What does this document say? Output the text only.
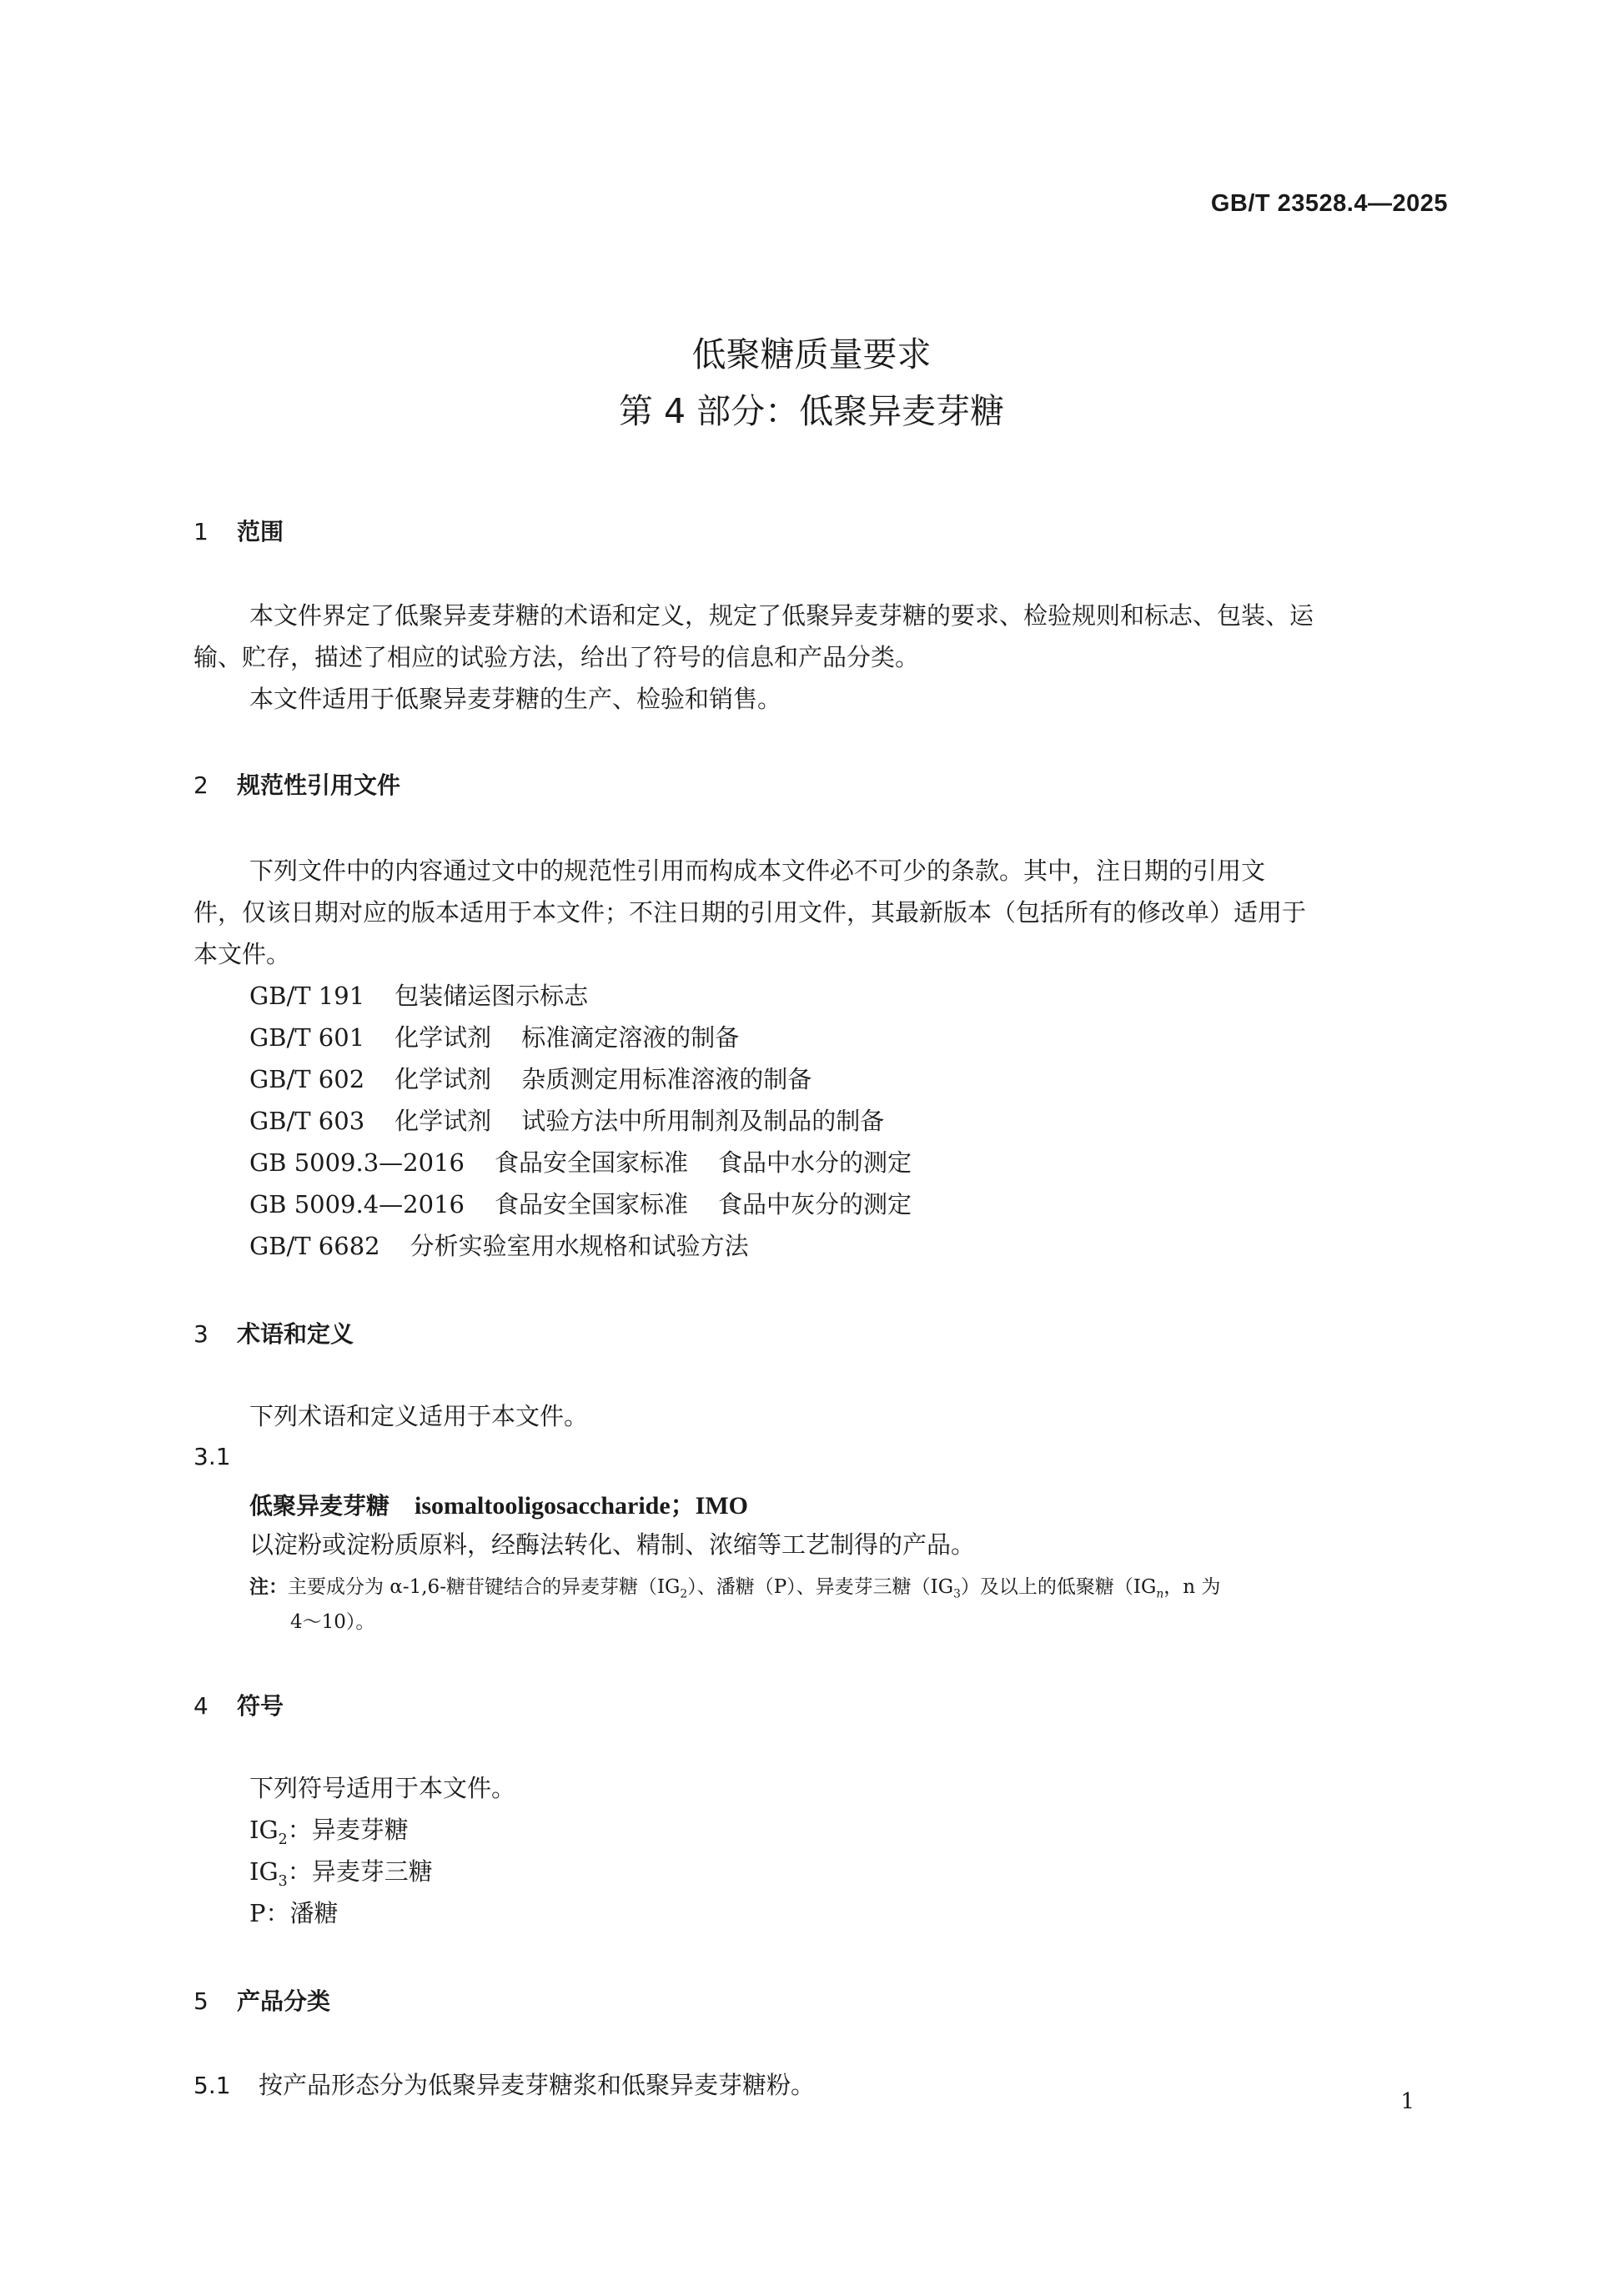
GB/T 23528.4—2025
低聚糖质量要求
第 4 部分：低聚异麦芽糖
1 范围
本文件界定了低聚异麦芽糖的术语和定义，规定了低聚异麦芽糖的要求、检验规则和标志、包装、运
输、贮存，描述了相应的试验方法，给出了符号的信息和产品分类。
本文件适用于低聚异麦芽糖的生产、检验和销售。
2 规范性引用文件
下列文件中的内容通过文中的规范性引用而构成本文件必不可少的条款。其中，注日期的引用文
件，仅该日期对应的版本适用于本文件；不注日期的引用文件，其最新版本（包括所有的修改单）适用于
本文件。
GB/T 191 包装储运图示标志
GB/T 601 化学试剂 标准滴定溶液的制备
GB/T 602 化学试剂 杂质测定用标准溶液的制备
GB/T 603 化学试剂 试验方法中所用制剂及制品的制备
GB 5009.3—2016 食品安全国家标准 食品中水分的测定
GB 5009.4—2016 食品安全国家标准 食品中灰分的测定
GB/T 6682 分析实验室用水规格和试验方法
3 术语和定义
下列术语和定义适用于本文件。
3.1
低聚异麦芽糖 isomaltooligosaccharide；IMO
以淀粉或淀粉质原料，经酶法转化、精制、浓缩等工艺制得的产品。
注：主要成分为 α-1,6-糖苷键结合的异麦芽糖$(IG_2)$、潘糖（P）、异麦芽三糖$(IG_3)$及以上的低聚糖（$IG_n$，n 为
4～10）。
4 符号
下列符号适用于本文件。
$IG_2$：异麦芽糖
$IG_3$：异麦芽三糖
P：潘糖
5 产品分类
5.1 按产品形态分为低聚异麦芽糖浆和低聚异麦芽糖粉。
1
